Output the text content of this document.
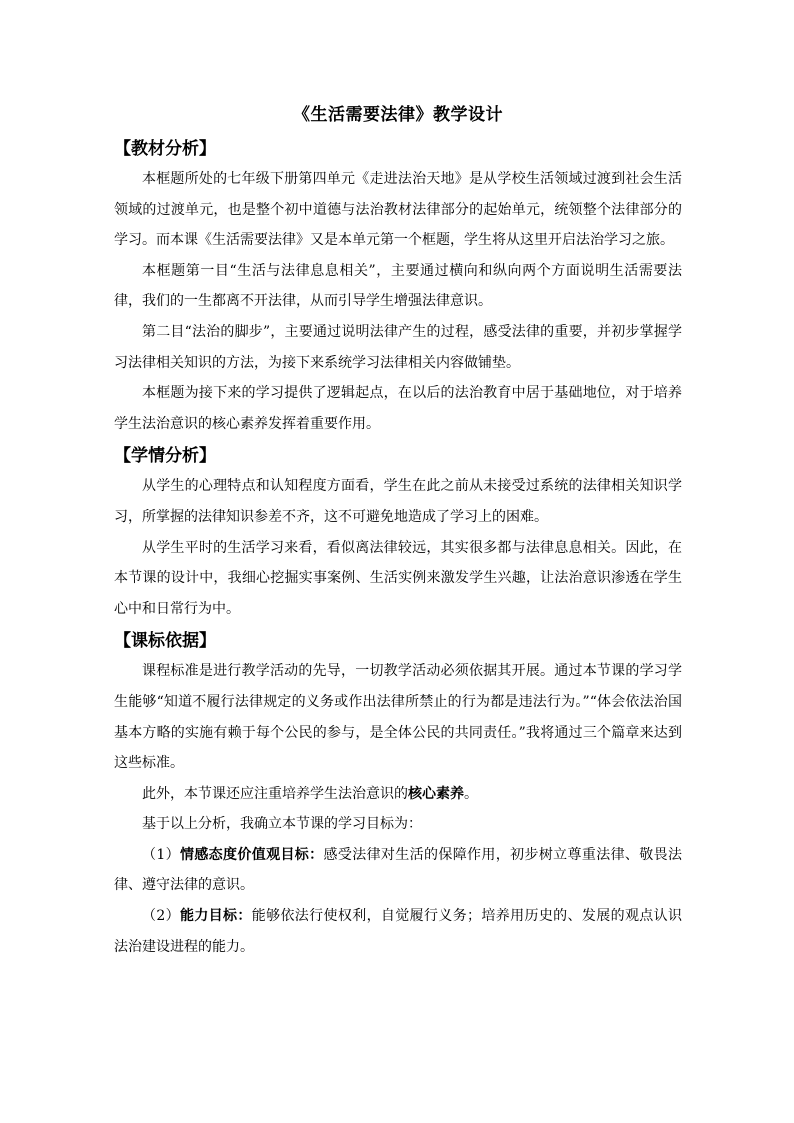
《生活需要法律》教学设计
【教材分析】

本框题所处的七年级下册第四单元《走进法治天地》是从学校生活领域过渡到社会生活领域的过渡单元，也是整个初中道德与法治教材法律部分的起始单元，统领整个法律部分的学习。而本课《生活需要法律》又是本单元第一个框题，学生将从这里开启法治学习之旅。

本框题第一目“生活与法律息息相关”，主要通过横向和纵向两个方面说明生活需要法律，我们的一生都离不开法律，从而引导学生增强法律意识。

第二目“法治的脚步”，主要通过说明法律产生的过程，感受法律的重要，并初步掌握学习法律相关知识的方法，为接下来系统学习法律相关内容做铺垫。

本框题为接下来的学习提供了逻辑起点，在以后的法治教育中居于基础地位，对于培养学生法治意识的核心素养发挥着重要作用。

【学情分析】

从学生的心理特点和认知程度方面看，学生在此之前从未接受过系统的法律相关知识学习，所掌握的法律知识参差不齐，这不可避免地造成了学习上的困难。

从学生平时的生活学习来看，看似离法律较远，其实很多都与法律息息相关。因此，在本节课的设计中，我细心挖掘实事案例、生活实例来激发学生兴趣，让法治意识渗透在学生心中和日常行为中。

【课标依据】

课程标准是进行教学活动的先导，一切教学活动必须依据其开展。通过本节课的学习学生能够“知道不履行法律规定的义务或作出法律所禁止的行为都是违法行为。”“体会依法治国基本方略的实施有赖于每个公民的参与，是全体公民的共同责任。”我将通过三个篇章来达到这些标准。

此外，本节课还应注重培养学生法治意识的核心素养。

基于以上分析，我确立本节课的学习目标为：

（1）情感态度价值观目标：感受法律对生活的保障作用，初步树立尊重法律、敬畏法律、遵守法律的意识。

（2）能力目标：能够依法行使权利，自觉履行义务；培养用历史的、发展的观点认识法治建设进程的能力。
